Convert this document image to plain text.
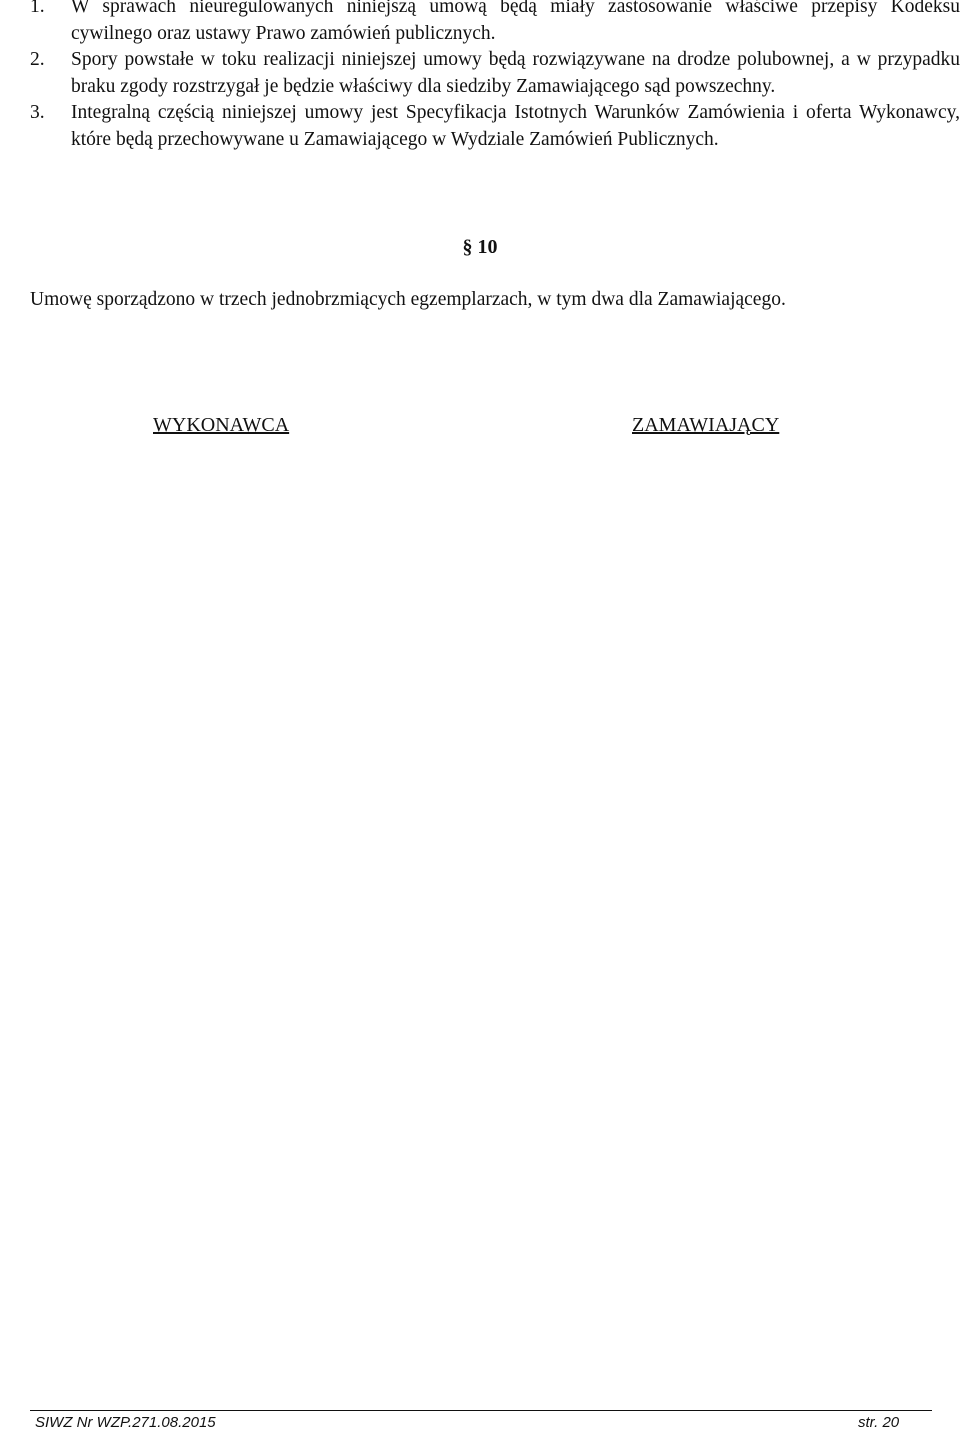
1. W sprawach nieuregulowanych niniejszą umową będą miały zastosowanie właściwe przepisy Kodeksu cywilnego oraz ustawy Prawo zamówień publicznych.
2. Spory powstałe w toku realizacji niniejszej umowy będą rozwiązywane na drodze polubownej, a w przypadku braku zgody rozstrzygał je będzie właściwy dla siedziby Zamawiającego sąd powszechny.
3. Integralną częścią niniejszej umowy jest Specyfikacja Istotnych Warunków Zamówienia i oferta Wykonawcy, które będą przechowywane u Zamawiającego w Wydziale Zamówień Publicznych.
§ 10
Umowę sporządzono w trzech jednobrzmiących egzemplarzach, w tym dwa dla Zamawiającego.
WYKONAWCA	ZAMAWIAJĄCY
SIWZ Nr WZP.271.08.2015	str. 20
